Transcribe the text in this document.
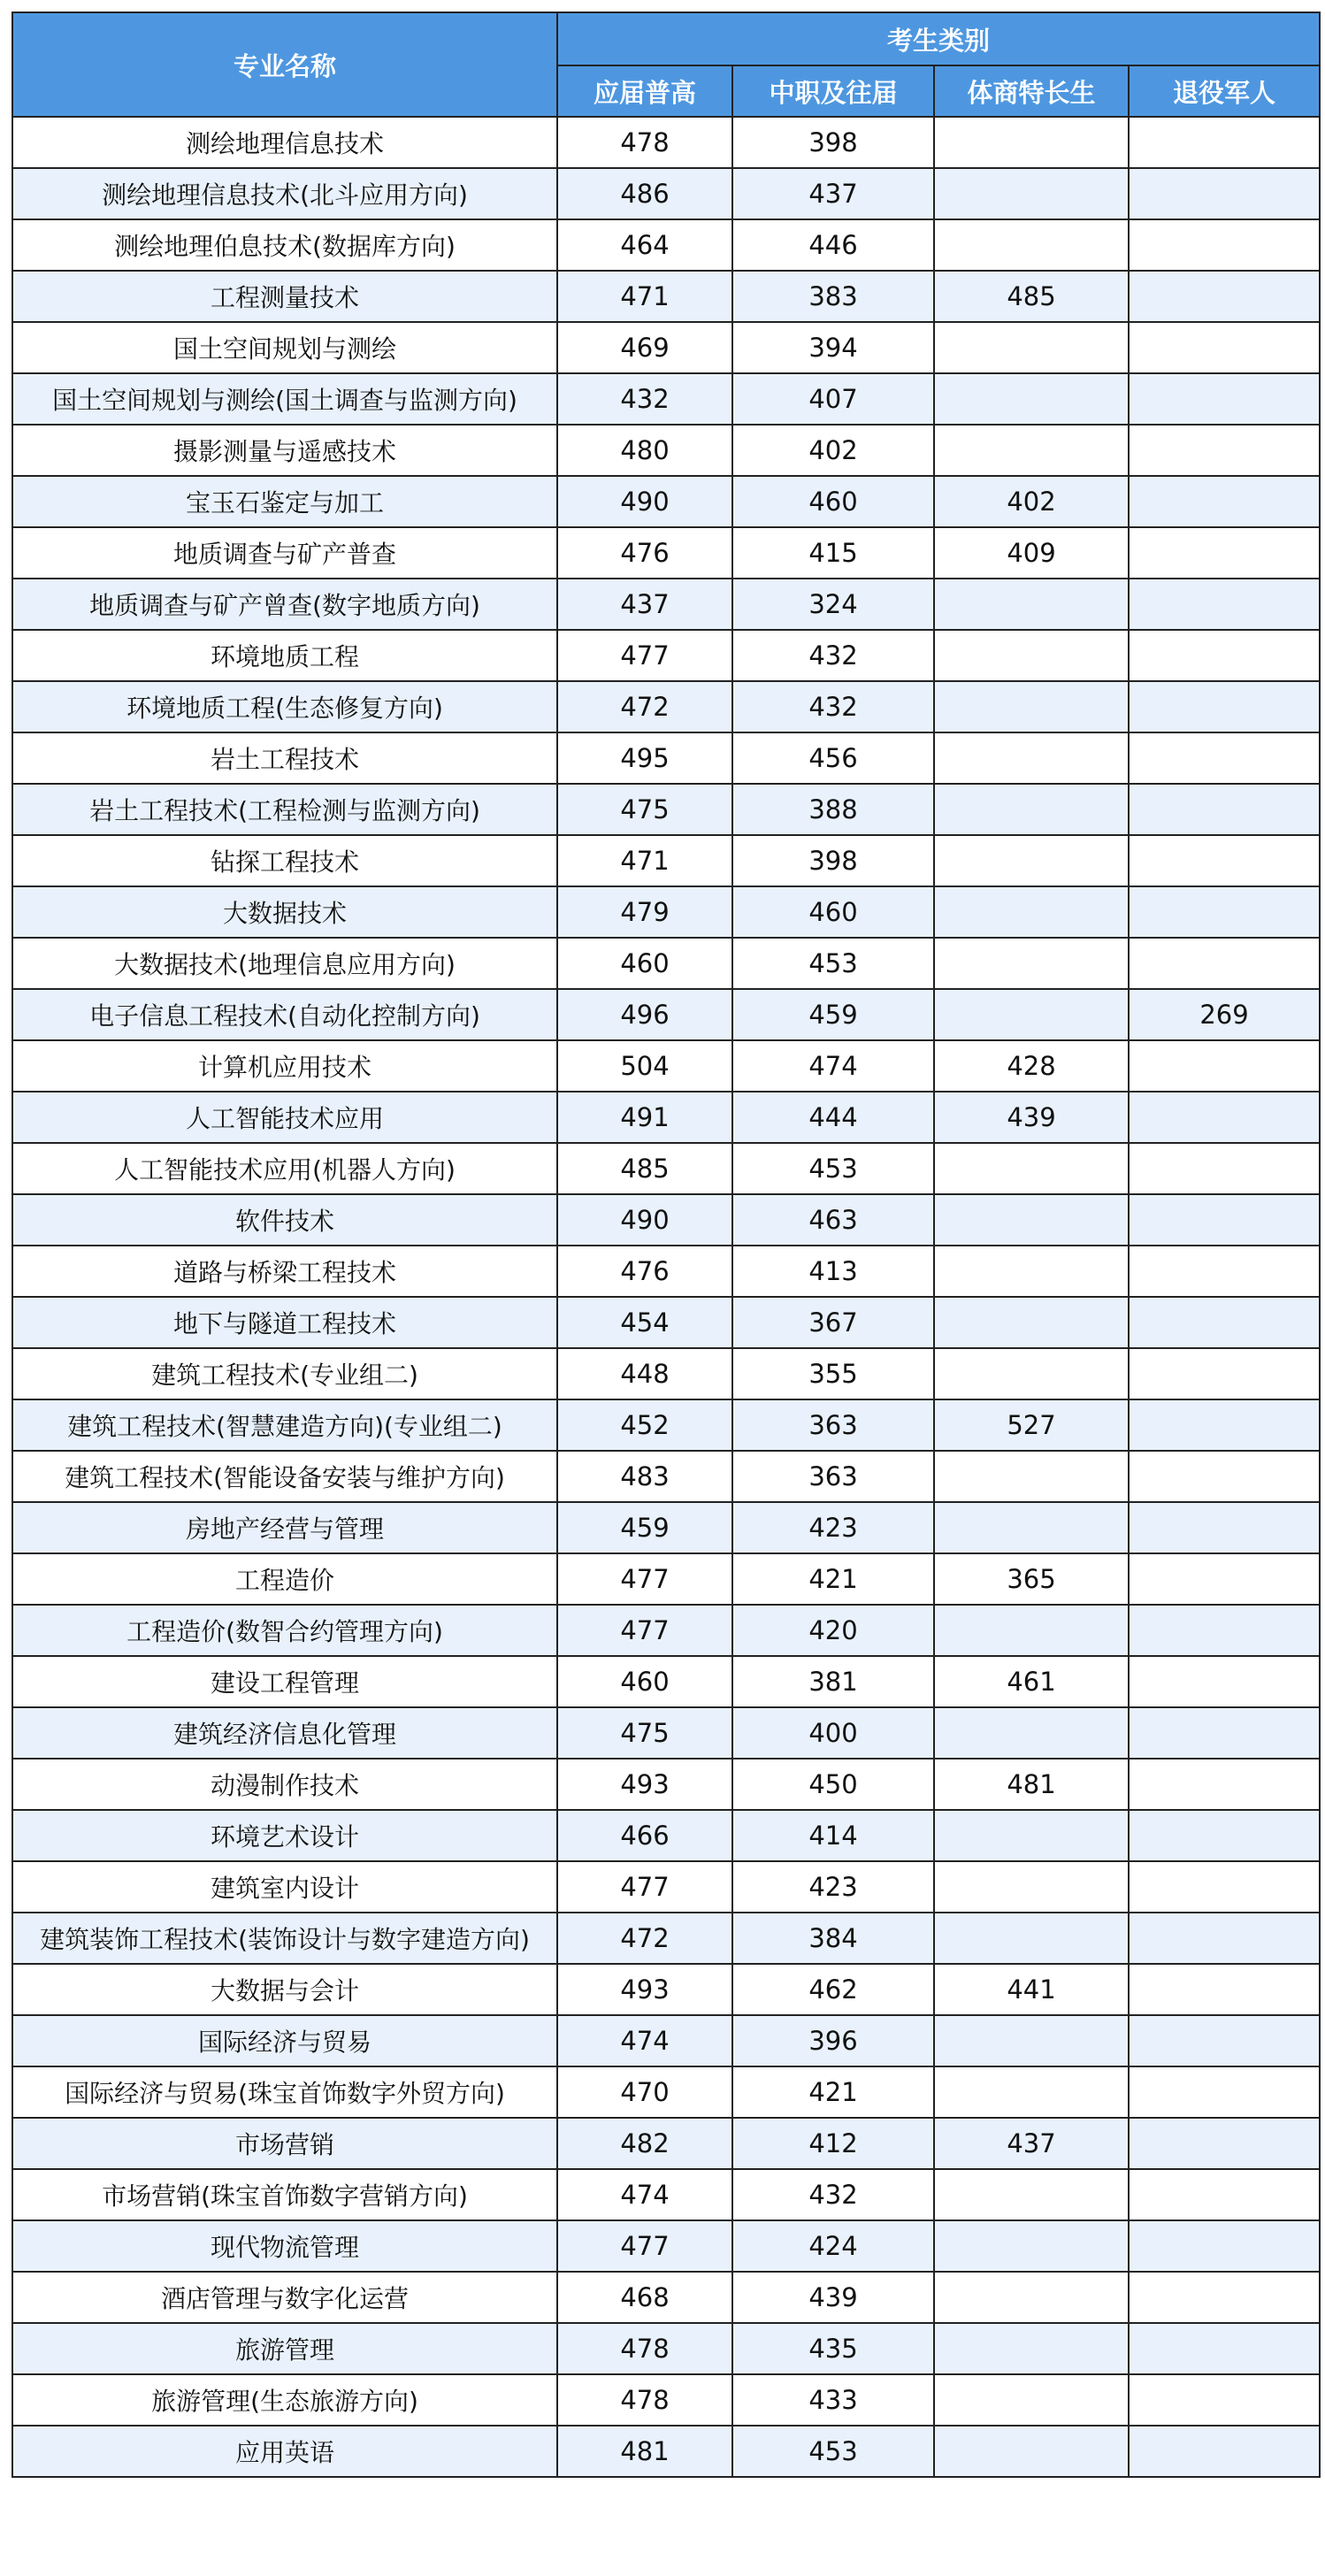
专业名称	考生类别			
	应届普高	中职及往届	体商特长生	退役军人
测绘地理信息技术	478	398		
测绘地理信息技术(北斗应用方向)	486	437		
测绘地理伯息技术(数据库方向)	464	446		
工程测量技术	471	383	485	
国土空间规划与测绘	469	394		
国土空间规划与测绘(国土调查与监测方向)	432	407		
摄影测量与遥感技术	480	402		
宝玉石鉴定与加工	490	460	402	
地质调查与矿产普查	476	415	409	
地质调查与矿产曾查(数字地质方向)	437	324		
环境地质工程	477	432		
环境地质工程(生态修复方向)	472	432		
岩土工程技术	495	456		
岩土工程技术(工程检测与监测方向)	475	388		
钻探工程技术	471	398		
大数据技术	479	460		
大数据技术(地理信息应用方向)	460	453		
电子信息工程技术(自动化控制方向)	496	459		269
计算机应用技术	504	474	428	
人工智能技术应用	491	444	439	
人工智能技术应用(机器人方向)	485	453		
软件技术	490	463		
道路与桥梁工程技术	476	413		
地下与隧道工程技术	454	367		
建筑工程技术(专业组二)	448	355		
建筑工程技术(智慧建造方向)(专业组二)	452	363	527	
建筑工程技术(智能设备安装与维护方向)	483	363		
房地产经营与管理	459	423		
工程造价	477	421	365	
工程造价(数智合约管理方向)	477	420		
建设工程管理	460	381	461	
建筑经济信息化管理	475	400		
动漫制作技术	493	450	481	
环境艺术设计	466	414		
建筑室内设计	477	423		
建筑装饰工程技术(装饰设计与数字建造方向)	472	384		
大数据与会计	493	462	441	
国际经济与贸易	474	396		
国际经济与贸易(珠宝首饰数字外贸方向)	470	421		
市场营销	482	412	437	
市场营销(珠宝首饰数字营销方向)	474	432		
现代物流管理	477	424		
酒店管理与数字化运营	468	439		
旅游管理	478	435		
旅游管理(生态旅游方向)	478	433		
应用英语	481	453		
